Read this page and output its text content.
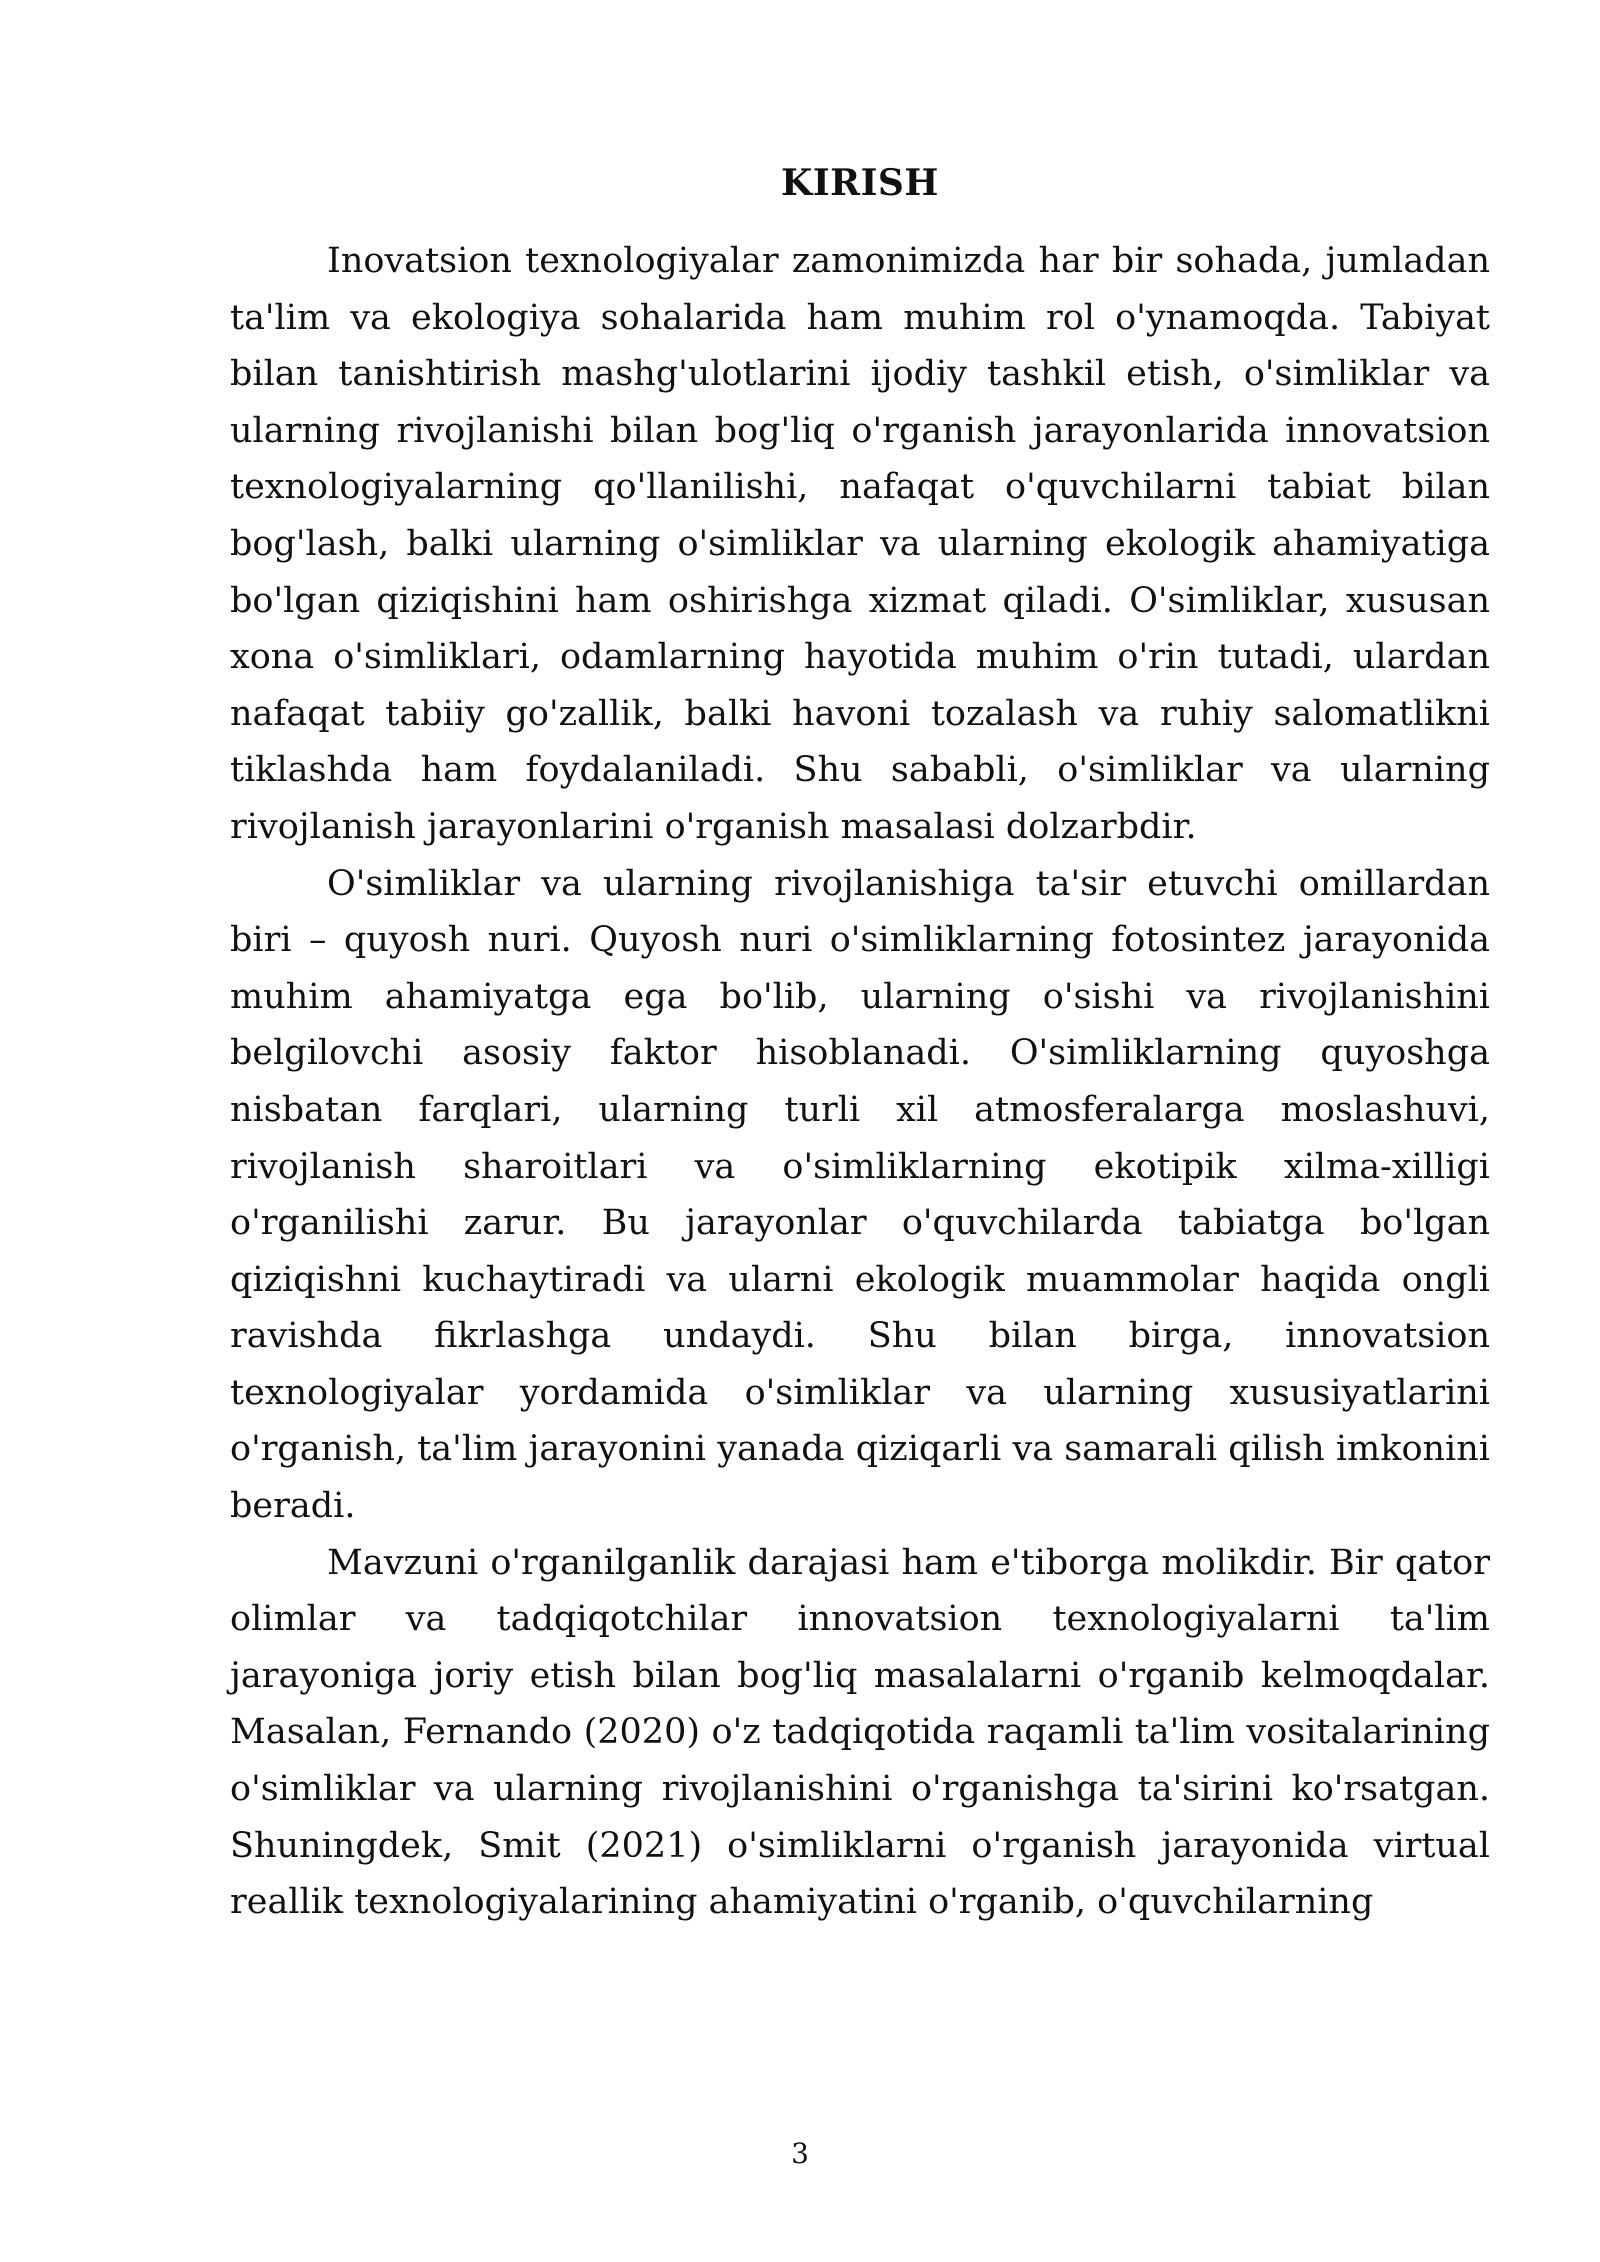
KIRISH

Inovatsion texnologiyalar zamonimizda har bir sohada, jumladan ta'lim va ekologiya sohalarida ham muhim rol o'ynamoqda. Tabiyat bilan tanishtirish mashg'ulotlarini ijodiy tashkil etish, o'simliklar va ularning rivojlanishi bilan bog'liq o'rganish jarayonlarida innovatsion texnologiyalarning qo'llanilishi, nafaqat o'quvchilarni tabiat bilan bog'lash, balki ularning o'simliklar va ularning ekologik ahamiyatiga bo'lgan qiziqishini ham oshirishga xizmat qiladi. O'simliklar, xususan xona o'simliklari, odamlarning hayotida muhim o'rin tutadi, ulardan nafaqat tabiiy go'zallik, balki havoni tozalash va ruhiy salomatlikni tiklashda ham foydalaniladi. Shu sababli, o'simliklar va ularning rivojlanish jarayonlarini o'rganish masalasi dolzarbdir.

O'simliklar va ularning rivojlanishiga ta'sir etuvchi omillardan biri – quyosh nuri. Quyosh nuri o'simliklarning fotosintez jarayonida muhim ahamiyatga ega bo'lib, ularning o'sishi va rivojlanishini belgilovchi asosiy faktor hisoblanadi. O'simliklarning quyoshga nisbatan farqlari, ularning turli xil atmosferalarga moslashuvi, rivojlanish sharoitlari va o'simliklarning ekotipik xilma-xilligi o'rganilishi zarur. Bu jarayonlar o'quvchilarda tabiatga bo'lgan qiziqishni kuchaytiradi va ularni ekologik muammolar haqida ongli ravishda fikrlashga undaydi. Shu bilan birga, innovatsion texnologiyalar yordamida o'simliklar va ularning xususiyatlarini o'rganish, ta'lim jarayonini yanada qiziqarli va samarali qilish imkonini beradi.

Mavzuni o'rganilganlik darajasi ham e'tiborga molikdir. Bir qator olimlar va tadqiqotchilar innovatsion texnologiyalarni ta'lim jarayoniga joriy etish bilan bog'liq masalalarni o'rganib kelmoqdalar. Masalan, Fernando (2020) o'z tadqiqotida raqamli ta'lim vositalarining o'simliklar va ularning rivojlanishini o'rganishga ta'sirini ko'rsatgan. Shuningdek, Smit (2021) o'simliklarni o'rganish jarayonida virtual reallik texnologiyalarining ahamiyatini o'rganib, o'quvchilarning

3
